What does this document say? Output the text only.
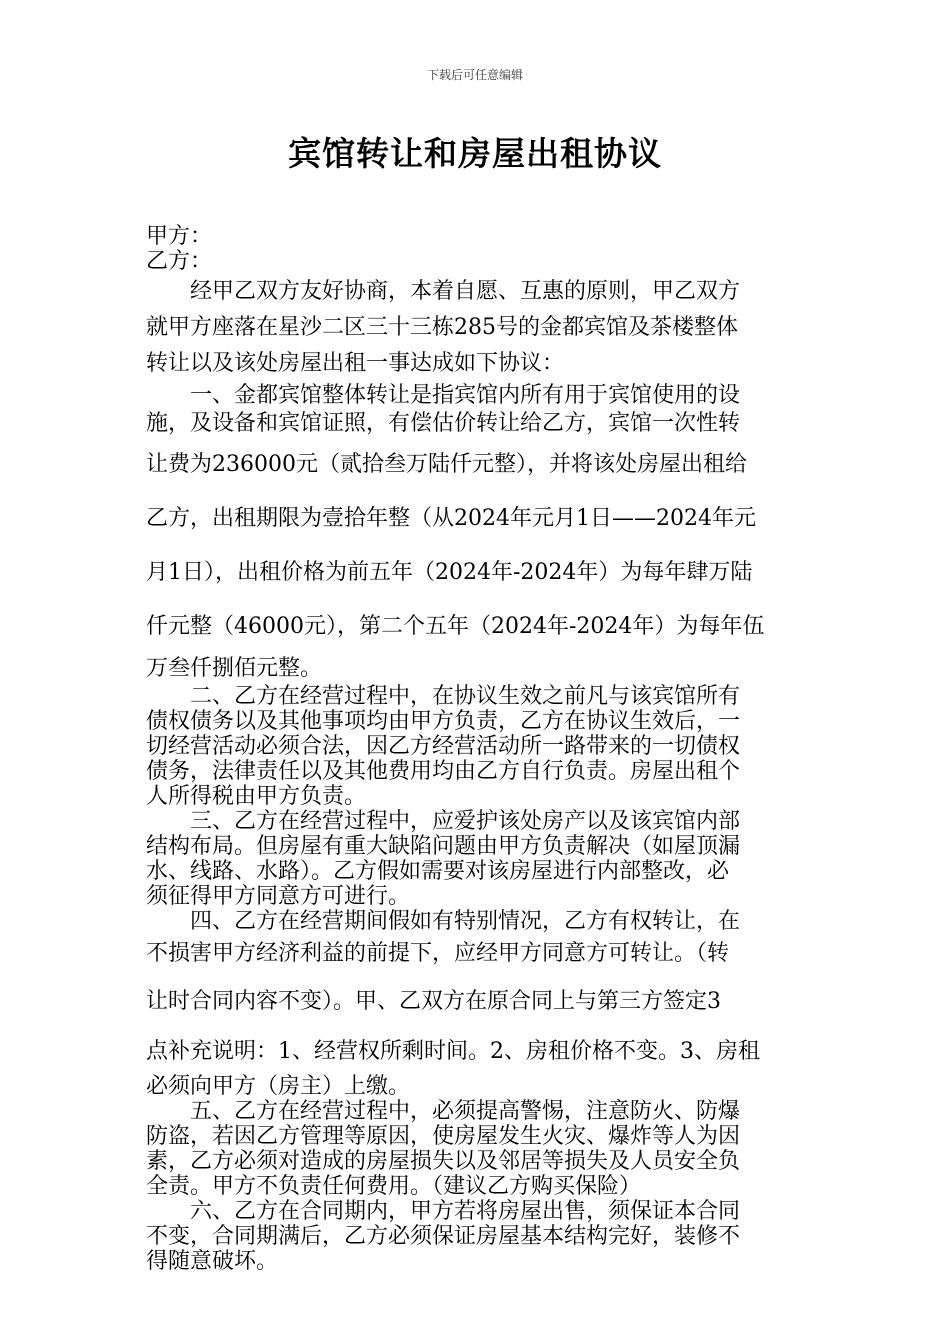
下载后可任意编辑
宾馆转让和房屋出租协议
甲方：
乙方：
经甲乙双方友好协商，本着自愿、互惠的原则，甲乙双方
就甲方座落在星沙二区三十三栋285号的金都宾馆及茶楼整体
转让以及该处房屋出租一事达成如下协议：
一、金都宾馆整体转让是指宾馆内所有用于宾馆使用的设
施，及设备和宾馆证照，有偿估价转让给乙方，宾馆一次性转
让费为236000元（贰拾叁万陆仟元整），并将该处房屋出租给
乙方，出租期限为壹拾年整（从2024年元月1日——2024年元
月1日），出租价格为前五年（2024年-2024年）为每年肆万陆
仟元整（46000元），第二个五年（2024年-2024年）为每年伍
万叁仟捌佰元整。
二、乙方在经营过程中，在协议生效之前凡与该宾馆所有
债权债务以及其他事项均由甲方负责，乙方在协议生效后，一
切经营活动必须合法，因乙方经营活动所一路带来的一切债权
债务，法律责任以及其他费用均由乙方自行负责。房屋出租个
人所得税由甲方负责。
三、乙方在经营过程中，应爱护该处房产以及该宾馆内部
结构布局。但房屋有重大缺陷问题由甲方负责解决（如屋顶漏
水、线路、水路）。乙方假如需要对该房屋进行内部整改，必
须征得甲方同意方可进行。
四、乙方在经营期间假如有特别情况，乙方有权转让，在
不损害甲方经济利益的前提下，应经甲方同意方可转让。（转
让时合同内容不变）。甲、乙双方在原合同上与第三方签定3
点补充说明：1、经营权所剩时间。2、房租价格不变。3、房租
必须向甲方（房主）上缴。
五、乙方在经营过程中，必须提高警惕，注意防火、防爆
防盗，若因乙方管理等原因，使房屋发生火灾、爆炸等人为因
素，乙方必须对造成的房屋损失以及邻居等损失及人员安全负
全责。甲方不负责任何费用。（建议乙方购买保险）
六、乙方在合同期内，甲方若将房屋出售，须保证本合同
不变，合同期满后，乙方必须保证房屋基本结构完好，装修不
得随意破坏。
